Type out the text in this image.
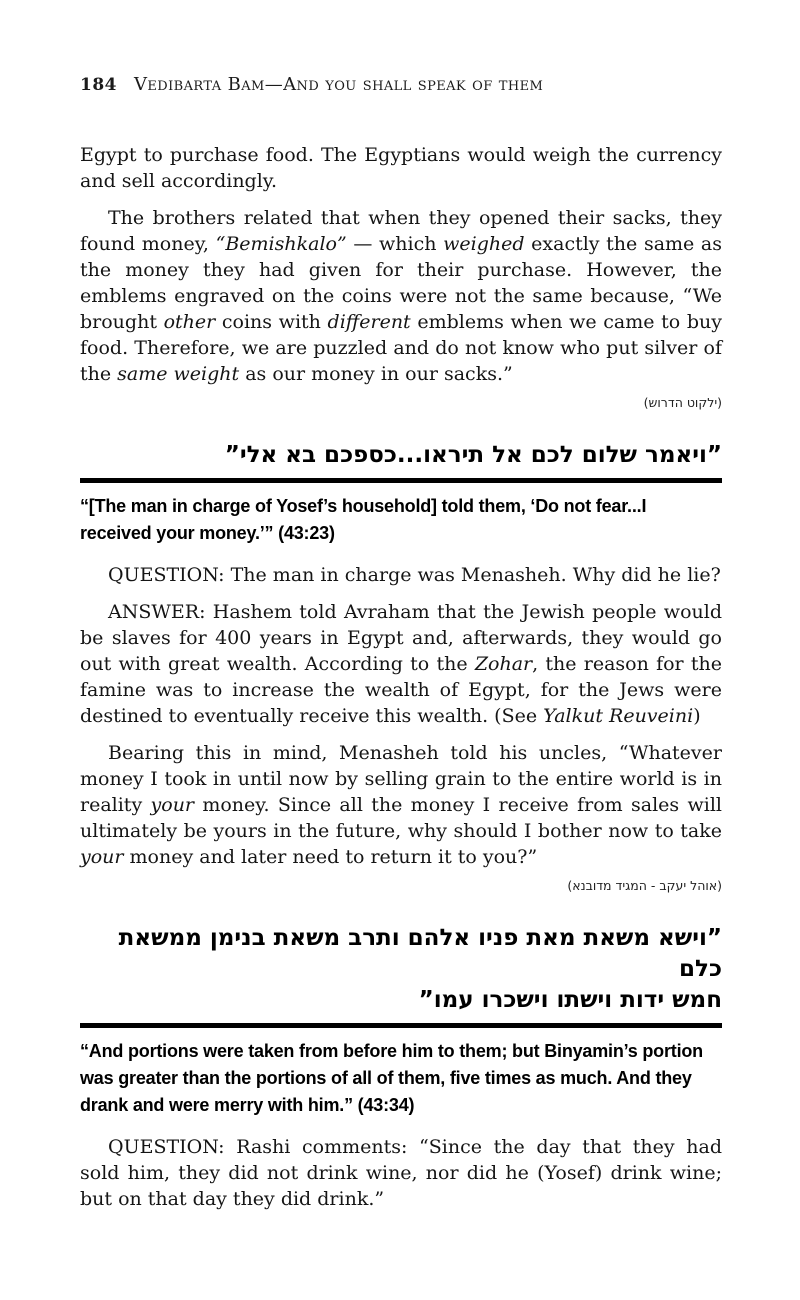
184 Vedibarta Bam—And you shall speak of them

Egypt to purchase food. The Egyptians would weigh the currency and sell accordingly.

The brothers related that when they opened their sacks, they found money, “Bemishkalo” — which weighed exactly the same as the money they had given for their purchase. However, the emblems engraved on the coins were not the same because, “We brought other coins with different emblems when we came to buy food. Therefore, we are puzzled and do not know who put silver of the same weight as our money in our sacks.”

(ילקוט הדרוש)
”ויאמר שלום לכם אל תיראו...כספכם בא אלי”
“[The man in charge of Yosef’s household] told them, ‘Do not fear...I received your money.’” (43:23)

QUESTION: The man in charge was Menasheh. Why did he lie?

ANSWER: Hashem told Avraham that the Jewish people would be slaves for 400 years in Egypt and, afterwards, they would go out with great wealth. According to the Zohar, the reason for the famine was to increase the wealth of Egypt, for the Jews were destined to eventually receive this wealth. (See Yalkut Reuveini)

Bearing this in mind, Menasheh told his uncles, “Whatever money I took in until now by selling grain to the entire world is in reality your money. Since all the money I receive from sales will ultimately be yours in the future, why should I bother now to take your money and later need to return it to you?”

(אוהל יעקב - המגיד מדובנא)
”וישא משאת מאת פניו אלהם ותרב משאת בנימן ממשאת כלם
חמש ידות וישתו וישכרו עמו”
“And portions were taken from before him to them; but Binyamin’s portion was greater than the portions of all of them, five times as much. And they drank and were merry with him.” (43:34)

QUESTION: Rashi comments: “Since the day that they had sold him, they did not drink wine, nor did he (Yosef) drink wine; but on that day they did drink.”
